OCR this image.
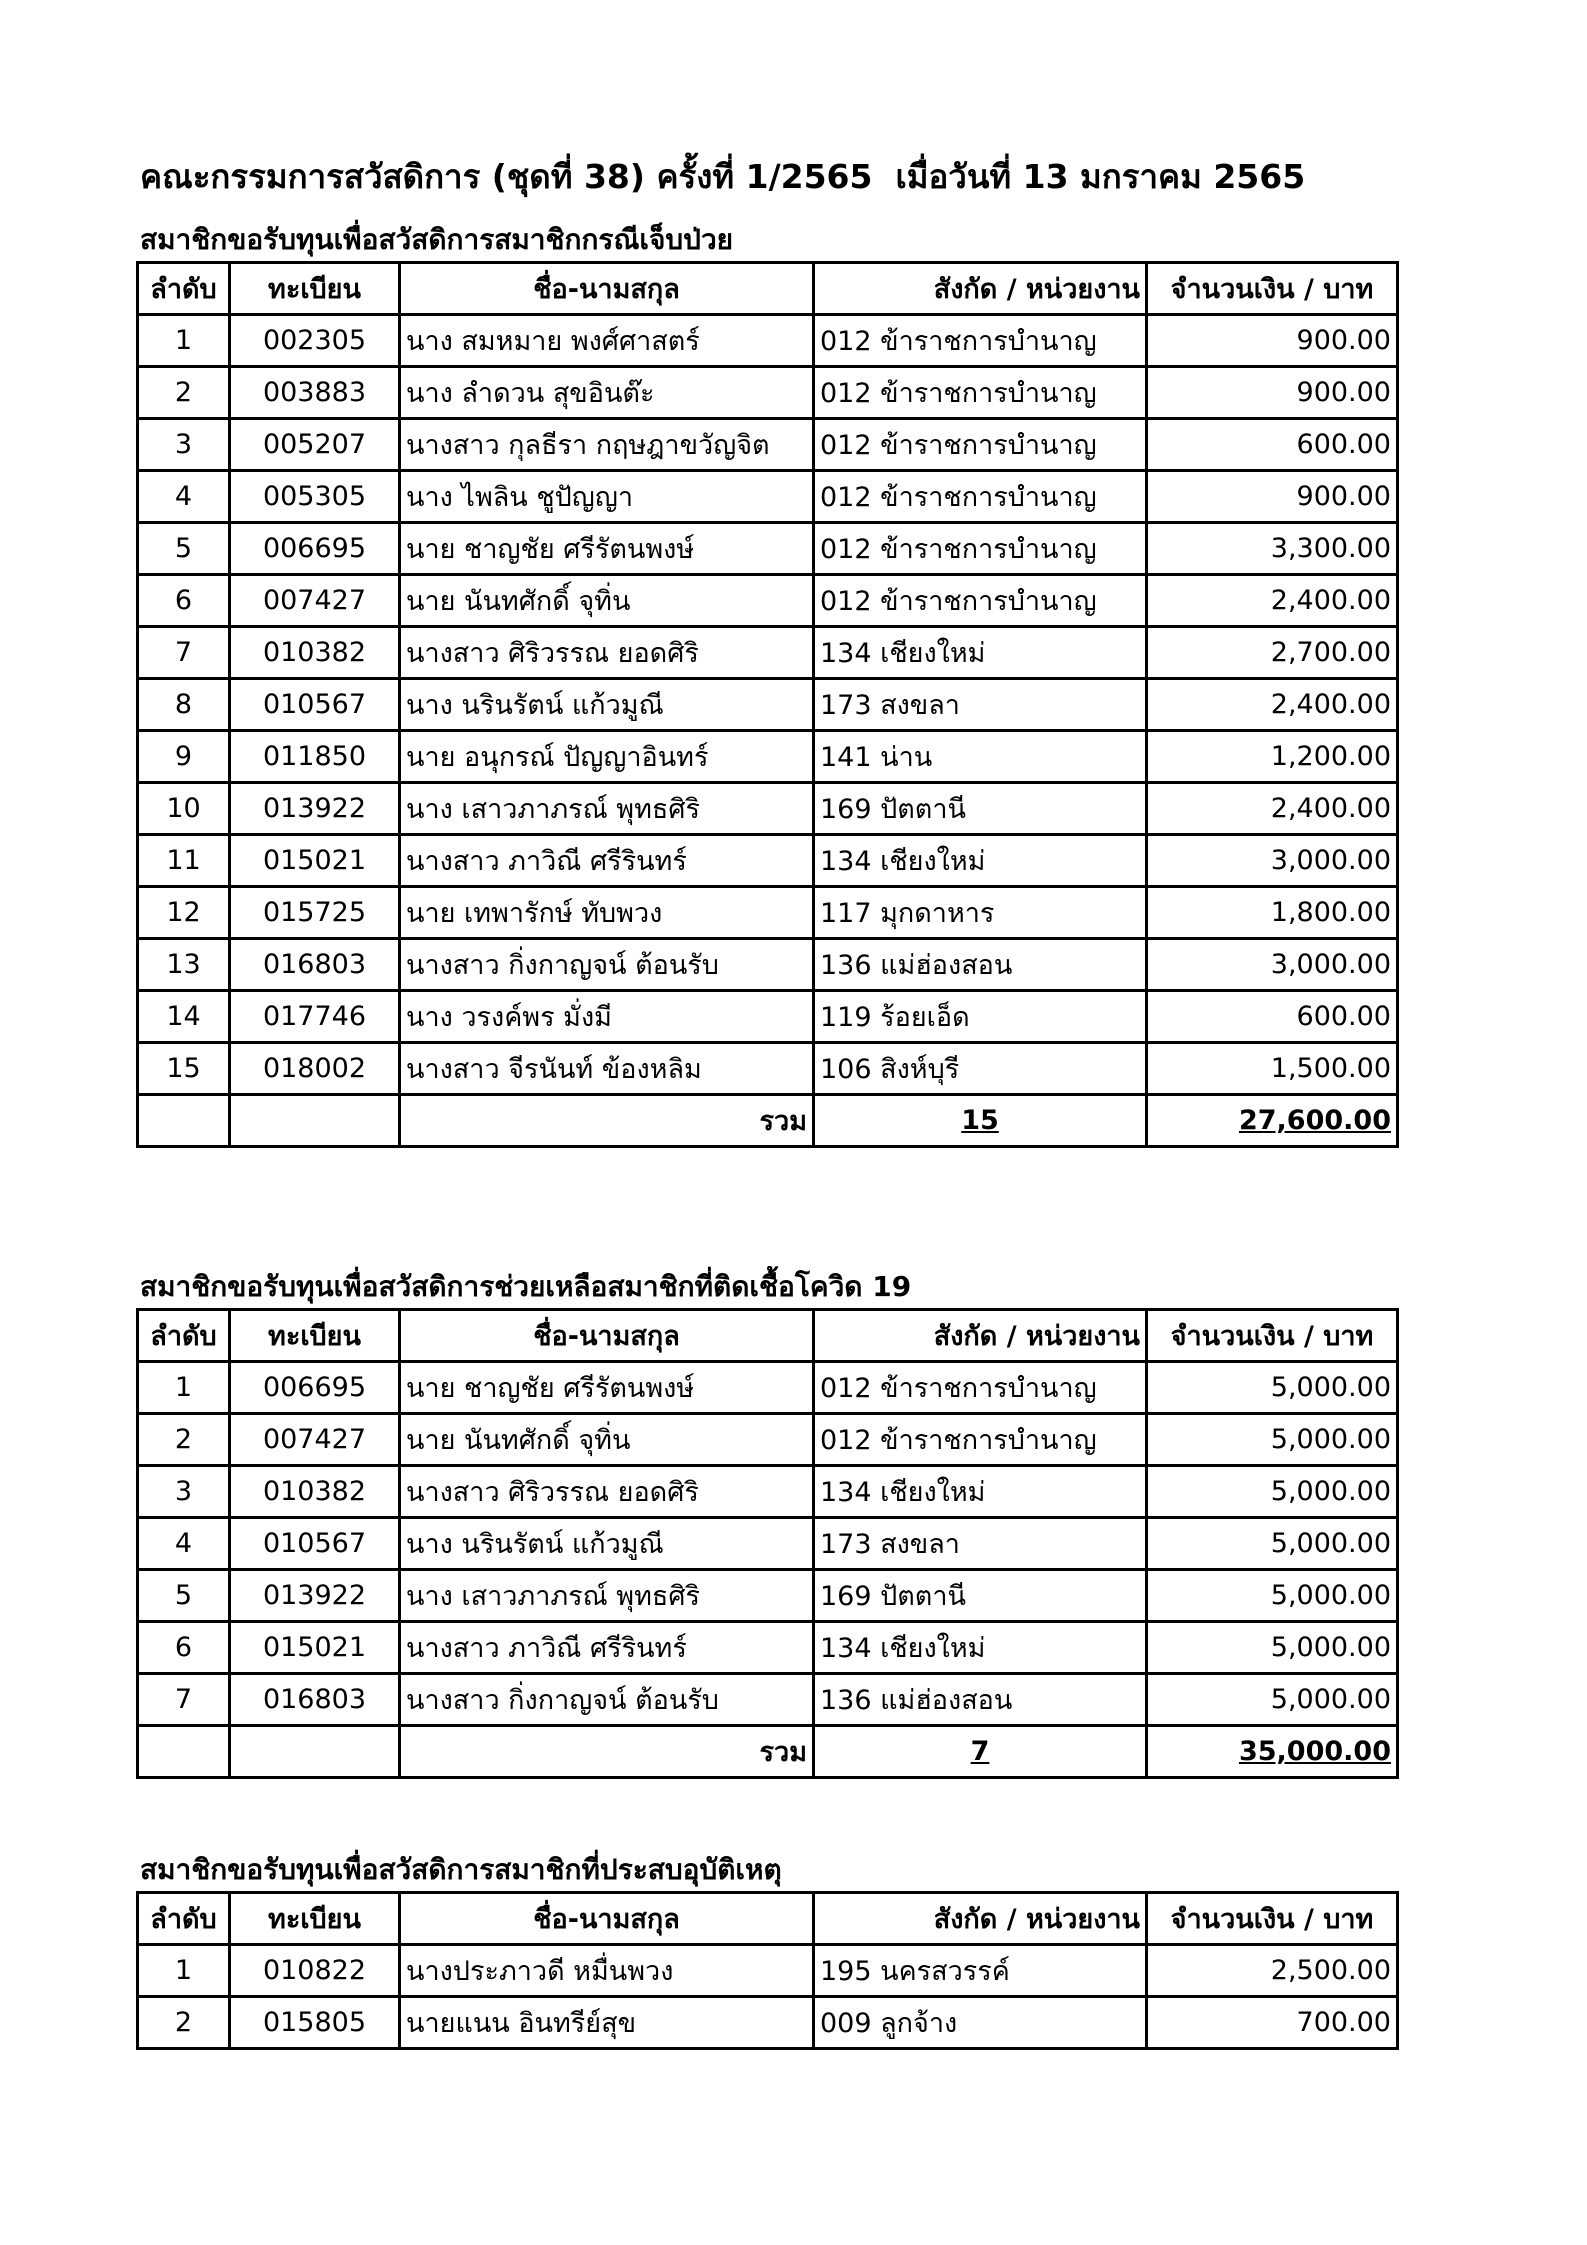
คณะกรรมการสวัสดิการ (ชุดที่ 38) ครั้งที่ 1/2565  เมื่อวันที่ 13 มกราคม 2565
สมาชิกขอรับทุนเพื่อสวัสดิการสมาชิกกรณีเจ็บป่วย
ลำดับ	ทะเบียน	ชื่อ-นามสกุล	สังกัด / หน่วยงาน	จำนวนเงิน / บาท
1	002305	นาง สมหมาย พงศ์ศาสตร์	012 ข้าราชการบำนาญ	900.00
2	003883	นาง ลำดวน สุขอินต๊ะ	012 ข้าราชการบำนาญ	900.00
3	005207	นางสาว กุลธีรา กฤษฎาขวัญจิต	012 ข้าราชการบำนาญ	600.00
4	005305	นาง ไพลิน ชูปัญญา	012 ข้าราชการบำนาญ	900.00
5	006695	นาย ชาญชัย ศรีรัตนพงษ์	012 ข้าราชการบำนาญ	3,300.00
6	007427	นาย นันทศักดิ์ จุทิ่น	012 ข้าราชการบำนาญ	2,400.00
7	010382	นางสาว ศิริวรรณ ยอดศิริ	134 เชียงใหม่	2,700.00
8	010567	นาง นรินรัตน์ แก้วมูณี	173 สงขลา	2,400.00
9	011850	นาย อนุกรณ์ ปัญญาอินทร์	141 น่าน	1,200.00
10	013922	นาง เสาวภาภรณ์ พุทธศิริ	169 ปัตตานี	2,400.00
11	015021	นางสาว ภาวิณี ศรีรินทร์	134 เชียงใหม่	3,000.00
12	015725	นาย เทพารักษ์ ทับพวง	117 มุกดาหาร	1,800.00
13	016803	นางสาว กิ่งกาญจน์ ต้อนรับ	136 แม่ฮ่องสอน	3,000.00
14	017746	นาง วรงค์พร มั่งมี	119 ร้อยเอ็ด	600.00
15	018002	นางสาว จีรนันท์ ข้องหลิม	106 สิงห์บุรี	1,500.00
		รวม	15	27,600.00
สมาชิกขอรับทุนเพื่อสวัสดิการช่วยเหลือสมาชิกที่ติดเชื้อโควิด 19
ลำดับ	ทะเบียน	ชื่อ-นามสกุล	สังกัด / หน่วยงาน	จำนวนเงิน / บาท
1	006695	นาย ชาญชัย ศรีรัตนพงษ์	012 ข้าราชการบำนาญ	5,000.00
2	007427	นาย นันทศักดิ์ จุทิ่น	012 ข้าราชการบำนาญ	5,000.00
3	010382	นางสาว ศิริวรรณ ยอดศิริ	134 เชียงใหม่	5,000.00
4	010567	นาง นรินรัตน์ แก้วมูณี	173 สงขลา	5,000.00
5	013922	นาง เสาวภาภรณ์ พุทธศิริ	169 ปัตตานี	5,000.00
6	015021	นางสาว ภาวิณี ศรีรินทร์	134 เชียงใหม่	5,000.00
7	016803	นางสาว กิ่งกาญจน์ ต้อนรับ	136 แม่ฮ่องสอน	5,000.00
		รวม	7	35,000.00
สมาชิกขอรับทุนเพื่อสวัสดิการสมาชิกที่ประสบอุบัติเหตุ
ลำดับ	ทะเบียน	ชื่อ-นามสกุล	สังกัด / หน่วยงาน	จำนวนเงิน / บาท
1	010822	นางประภาวดี หมื่นพวง	195 นครสวรรค์	2,500.00
2	015805	นายแนน อินทรีย์สุข	009 ลูกจ้าง	700.00
